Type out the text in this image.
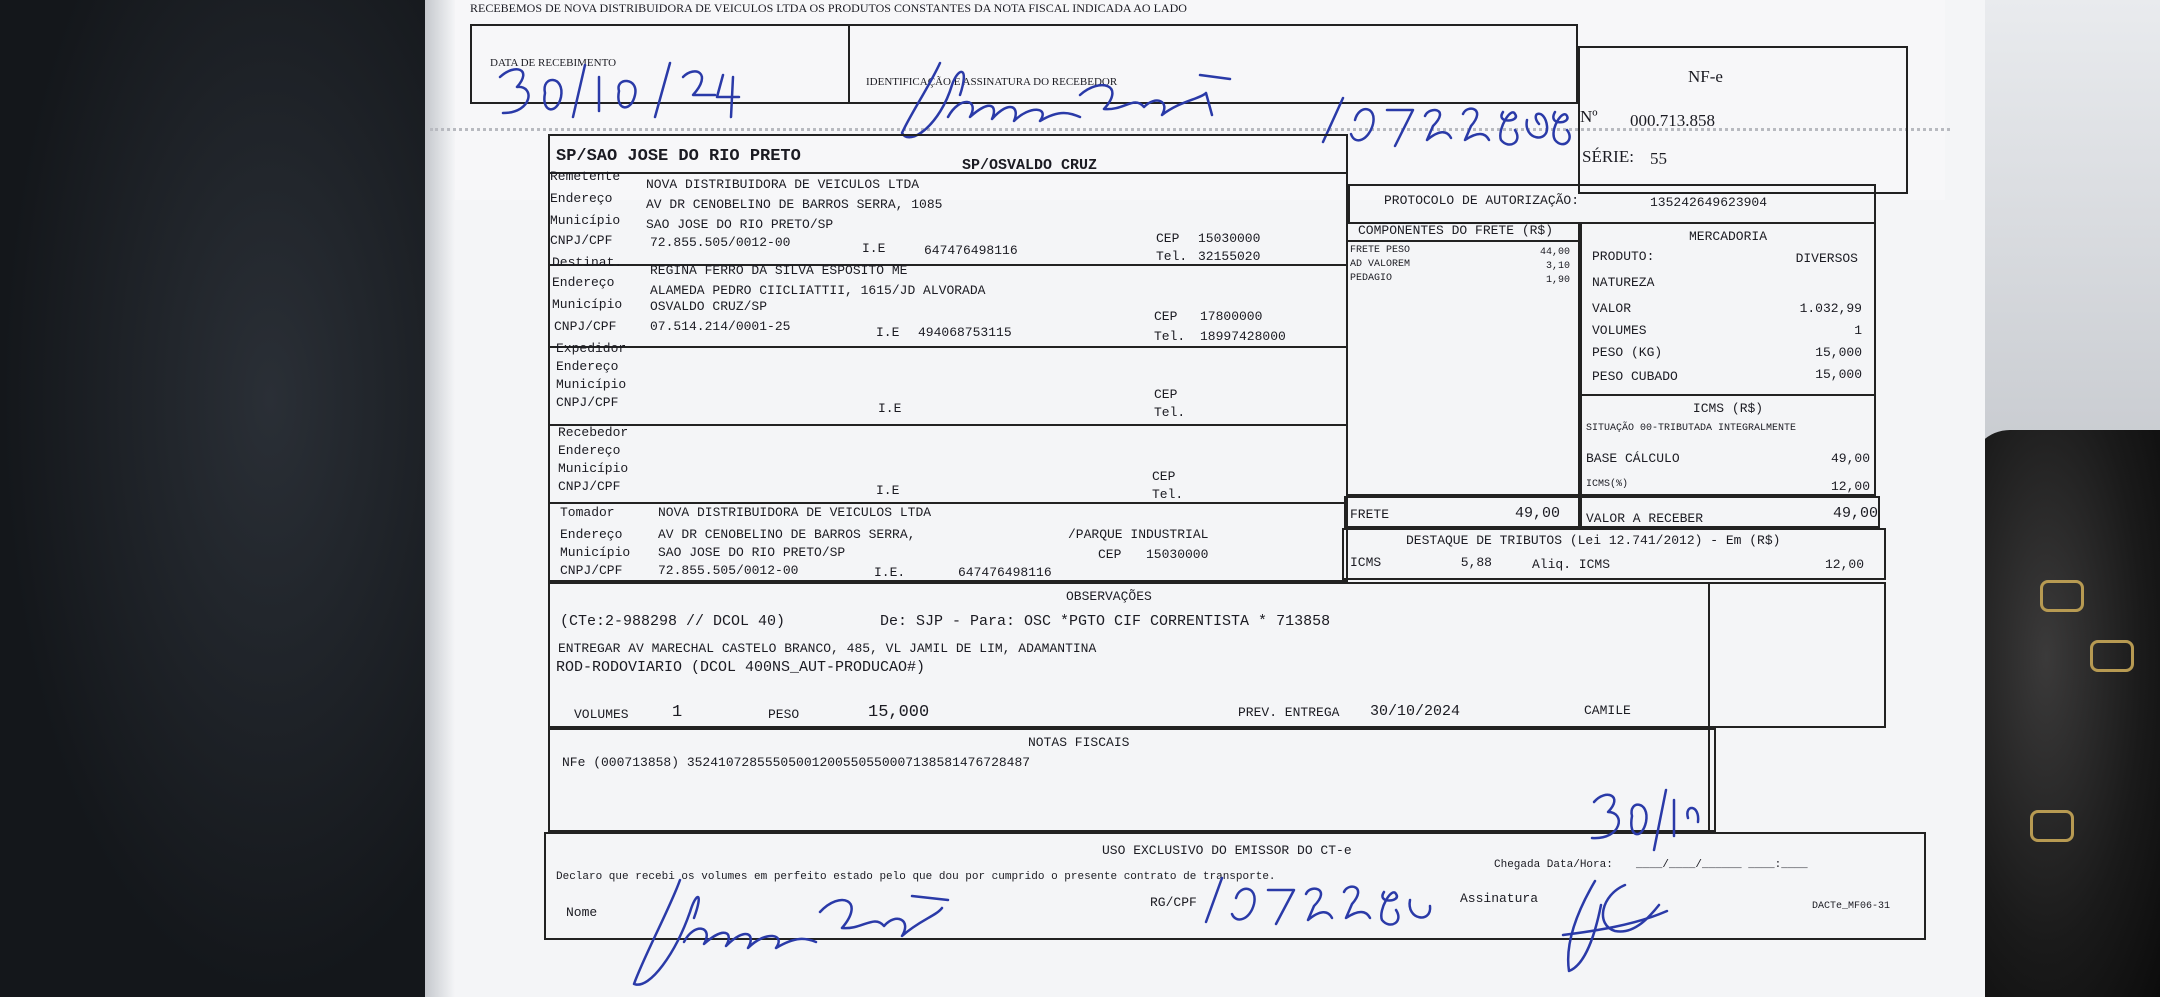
RECEBEMOS DE NOVA DISTRIBUIDORA DE VEICULOS LTDA OS PRODUTOS CONSTANTES DA NOTA FISCAL INDICADA AO LADO
DATA DE RECEBIMENTO
IDENTIFICAÇÃO E ASSINATURA DO RECEBEDOR	NF-e
Nº 000.713.858
SÉRIE: 55
SP/SAO JOSE DO RIO PRETO	SP/OSVALDO CRUZ
Remetente
NOVA DISTRIBUIDORA DE VEICULOS LTDA
Endereço	AV DR CENOBELINO DE BARROS SERRA, 1085
Município SAO JOSE DO RIO PRETO/SP
CNPJ/CPF	72.855.505/0012-00	I.E	647476498116
CEP 15030000
Tel. 32155020
Destinat.
REGINA FERRO DA SILVA ESPOSITO ME
Endereço
ALAMEDA PEDRO CIICLIATTII, 1615/JD ALVORADA
Município OSVALDO CRUZ/SP
CNPJ/CPF	07.514.214/0001-25	I.E 494068753115
CEP 17800000
Tel. 18997428000
Expedidor
Endereço
Município
CNPJ/CPF	I.E
CEP
Tel.
Recebedor
Endereço
Município
CNPJ/CPF	I.E
CEP
Tel.
Tomador	NOVA DISTRIBUIDORA DE VEICULOS LTDA
Endereço	AV DR CENOBELINO DE BARROS SERRA,	/PARQUE INDUSTRIAL
Município SAO JOSE DO RIO PRETO/SP	CEP 15030000
CNPJ/CPF	72.855.505/0012-00	I.E.	647476498116
PROTOCOLO DE AUTORIZAÇÃO:	135242649623904
COMPONENTES DO FRETE (R$)
FRETE PESO	44,00
AD VALOREM	3,10
PEDAGIO	1,90
MERCADORIA
PRODUTO:	DIVERSOS
NATUREZA
VALOR	1.032,99
VOLUMES	1
PESO (KG)	15,000
PESO CUBADO	15,000
ICMS (R$)
SITUAÇÃO 00-TRIBUTADA INTEGRALMENTE
BASE CÁLCULO	49,00
ICMS(%)	12,00
FRETE	49,00 VALOR A RECEBER	49,00
DESTAQUE DE TRIBUTOS (Lei 12.741/2012) - Em (R$)
ICMS	5,88	Aliq. ICMS	12,00
OBSERVAÇÕES
(CTe:2-988298 // DCOL 40)	De: SJP - Para: OSC *PGTO CIF CORRENTISTA * 713858
ENTREGAR AV MARECHAL CASTELO BRANCO, 485, VL JAMIL DE LIM, ADAMANTINA
ROD-RODOVIARIO (DCOL 400NS_AUT-PRODUCAO#)
VOLUMES	1	PESO	15,000	PREV. ENTREGA 30/10/2024	CAMILE
NOTAS FISCAIS
NFe (000713858) 35241072855505001200550550007138581476728487
USO EXCLUSIVO DO EMISSOR DO CT-e
Declaro que recebi os volumes em perfeito estado pelo que dou por cumprido o presente contrato de transporte.
Chegada Data/Hora: ____/____/______ ____:____
Nome
RG/CPF	Assinatura
DACTe_MF06-31
